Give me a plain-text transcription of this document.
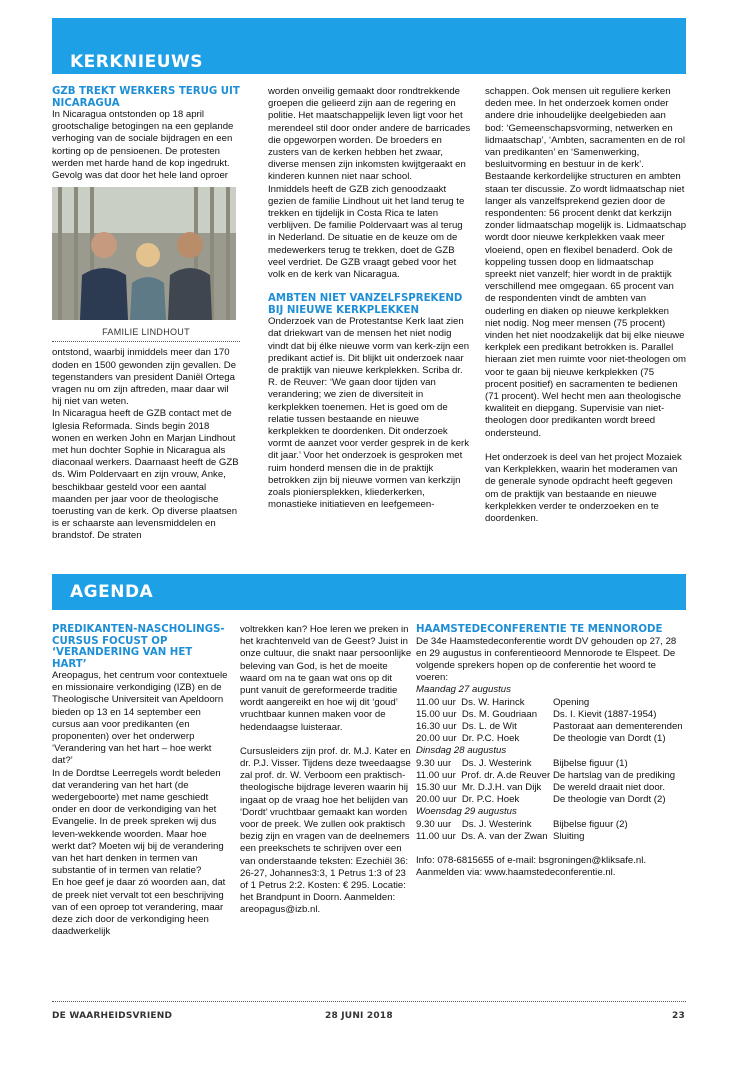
KERKNIEUWS
GZB TREKT WERKERS TERUG UIT NICARAGUA

In Nicaragua ontstonden op 18 april grootschalige betogingen na een geplande verhoging van de sociale bijdragen en een korting op de pensioenen. De protesten werden met harde hand de kop ingedrukt. Gevolg was dat door het hele land oproer

FAMILIE LINDHOUT

ontstond, waarbij inmiddels meer dan 170 doden en 1500 gewonden zijn gevallen. De tegenstanders van president Daniël Ortega vragen nu om zijn aftreden, maar daar wil hij niet van weten.

In Nicaragua heeft de GZB contact met de Iglesia Reformada. Sinds begin 2018 wonen en werken John en Marjan Lindhout met hun dochter Sophie in Nicaragua als diaconaal werkers. Daarnaast heeft de GZB ds. Wim Poldervaart en zijn vrouw, Anke, beschikbaar gesteld voor een aantal maanden per jaar voor de theologische toerusting van de kerk. Op diverse plaatsen is er schaarste aan levensmiddelen en brandstof. De straten

worden onveilig gemaakt door rondtrekkende groepen die gelieerd zijn aan de regering en politie. Het maatschappelijk leven ligt voor het merendeel stil door onder andere de barricades die opgeworpen worden. De broeders en zusters van de kerken hebben het zwaar, diverse mensen zijn inkomsten kwijtgeraakt en kinderen kunnen niet naar school.

Inmiddels heeft de GZB zich genoodzaakt gezien de familie Lindhout uit het land terug te trekken en tijdelijk in Costa Rica te laten verblijven. De familie Poldervaart was al terug in Nederland. De situatie en de keuze om de medewerkers terug te trekken, doet de GZB veel verdriet. De GZB vraagt gebed voor het volk en de kerk van Nicaragua.

AMBTEN NIET VANZELFSPREKEND BIJ NIEUWE KERKPLEKKEN

Onderzoek van de Protestantse Kerk laat zien dat driekwart van de mensen het niet nodig vindt dat bij élke nieuwe vorm van kerk-zijn een predikant actief is. Dit blijkt uit onderzoek naar de praktijk van nieuwe kerkplekken. Scriba dr. R. de Reuver: ‘We gaan door tijden van verandering; we zien de diversiteit in kerkplekken toenemen. Het is goed om de relatie tussen bestaande en nieuwe kerkplekken te doordenken. Dit onderzoek vormt de aanzet voor verder gesprek in de kerk dit jaar.’ Voor het onderzoek is gesproken met ruim honderd mensen die in de praktijk betrokken zijn bij nieuwe vormen van kerkzijn zoals pioniersplekken, kliederkerken, monastieke initiatieven en leefgemeen-

schappen. Ook mensen uit reguliere kerken deden mee. In het onderzoek komen onder andere drie inhoudelijke deelgebieden aan bod: ‘Gemeenschapsvorming, netwerken en lidmaatschap’, ‘Ambten, sacramenten en de rol van predikanten’ en ‘Samenwerking, besluitvorming en bestuur in de kerk’. Bestaande kerkordelijke structuren en ambten staan ter discussie. Zo wordt lidmaatschap niet langer als vanzelfsprekend gezien door de respondenten: 56 procent denkt dat kerkzijn zonder lidmaatschap mogelijk is. Lidmaatschap wordt door nieuwe kerkplekken vaak meer vloeiend, open en flexibel benaderd. Ook de koppeling tussen doop en lidmaatschap spreekt niet vanzelf; hier wordt in de praktijk verschillend mee omgegaan. 65 procent van de respondenten vindt de ambten van ouderling en diaken op nieuwe kerkplekken niet nodig. Nog meer mensen (75 procent) vinden het niet noodzakelijk dat bij elke nieuwe kerkplek een predikant betrokken is. Parallel hieraan ziet men ruimte voor niet-theologen om voor te gaan bij nieuwe kerkplekken (75 procent positief) en sacramenten te bedienen (71 procent). Wel hecht men aan theologische kwaliteit en diepgang. Supervisie van niet-theologen door predikanten wordt breed ondersteund.

Het onderzoek is deel van het project Mozaiek van Kerkplekken, waarin het moderamen van de generale synode opdracht heeft gegeven om de praktijk van bestaande en nieuwe kerkplekken verder te onderzoeken en te doordenken.

AGENDA
PREDIKANTEN-NASCHOLINGS-CURSUS FOCUST OP ‘VERANDERING VAN HET HART’

Areopagus, het centrum voor contextuele en missionaire verkondiging (IZB) en de Theologische Universiteit van Apeldoorn bieden op 13 en 14 september een cursus aan voor predikanten (en proponenten) over het onderwerp ‘Verandering van het hart – hoe werkt dat?’

In de Dordtse Leerregels wordt beleden dat verandering van het hart (de wedergeboorte) met name geschiedt onder en door de verkondiging van het Evangelie. In de preek spreken wij dus leven-wekkende woorden. Maar hoe werkt dat? Moeten wij bij de verandering van het hart denken in termen van substantie of in termen van relatie?

En hoe geef je daar zó woorden aan, dat de preek niet vervalt tot een beschrijving van of een oproep tot verandering, maar deze zich door de verkondiging heen daadwerkelijk

voltrekken kan? Hoe leren we preken in het krachtenveld van de Geest? Juist in onze cultuur, die snakt naar persoonlijke beleving van God, is het de moeite waard om na te gaan wat ons op dit punt vanuit de gereformeerde traditie wordt aangereikt en hoe wij dit ‘goud’ vruchtbaar kunnen maken voor de hedendaagse luisteraar.

Cursusleiders zijn prof. dr. M.J. Kater en dr. P.J. Visser. Tijdens deze tweedaagse zal prof. dr. W. Verboom een praktisch-theologische bijdrage leveren waarin hij ingaat op de vraag hoe het belijden van ‘Dordt’ vruchtbaar gemaakt kan worden voor de preek. We zullen ook praktisch bezig zijn en vragen van de deelnemers een preekschets te schrijven over een van onderstaande teksten: Ezechiël 36: 26-27, Johannes3:3, 1 Petrus 1:3 of 23 of 1 Petrus 2:2. Kosten: € 295. Locatie: het Brandpunt in Doorn. Aanmelden: areopagus@izb.nl.

HAAMSTEDECONFERENTIE TE MENNORODE

De 34e Haamstedeconferentie wordt DV gehouden op 27, 28 en 29 augustus in conferentieoord Mennorode te Elspeet. De volgende sprekers hopen op de conferentie het woord te voeren:

Maandag 27 augustus	
11.00 uur  Ds. W. Harinck	Opening
15.00 uur  Ds. M. Goudriaan	Ds. I. Kievit (1887-1954)
16.30 uur  Ds. L. de Wit	Pastoraat aan dementerenden
20.00 uur  Dr. P.C. Hoek	De theologie van Dordt (1)
Dinsdag 28 augustus	
9.30 uur    Ds. J. Westerink	Bijbelse figuur (1)
11.00 uur  Prof. dr. A.de Reuver	De hartslag van de prediking
15.30 uur  Mr. D.J.H. van Dijk	De wereld draait niet door.
20.00 uur  Dr. P.C. Hoek	De theologie van Dordt (2)
Woensdag 29 augustus	
9.30 uur    Ds. J. Westerink	Bijbelse figuur (2)
11.00 uur  Ds. A. van der Zwan	Sluiting

Info: 078-6815655 of e-mail: bsgroningen@kliksafe.nl.

Aanmelden via: www.haamstedeconferentie.nl.

DE WAARHEIDSVRIEND	28 JUNI 2018	23
